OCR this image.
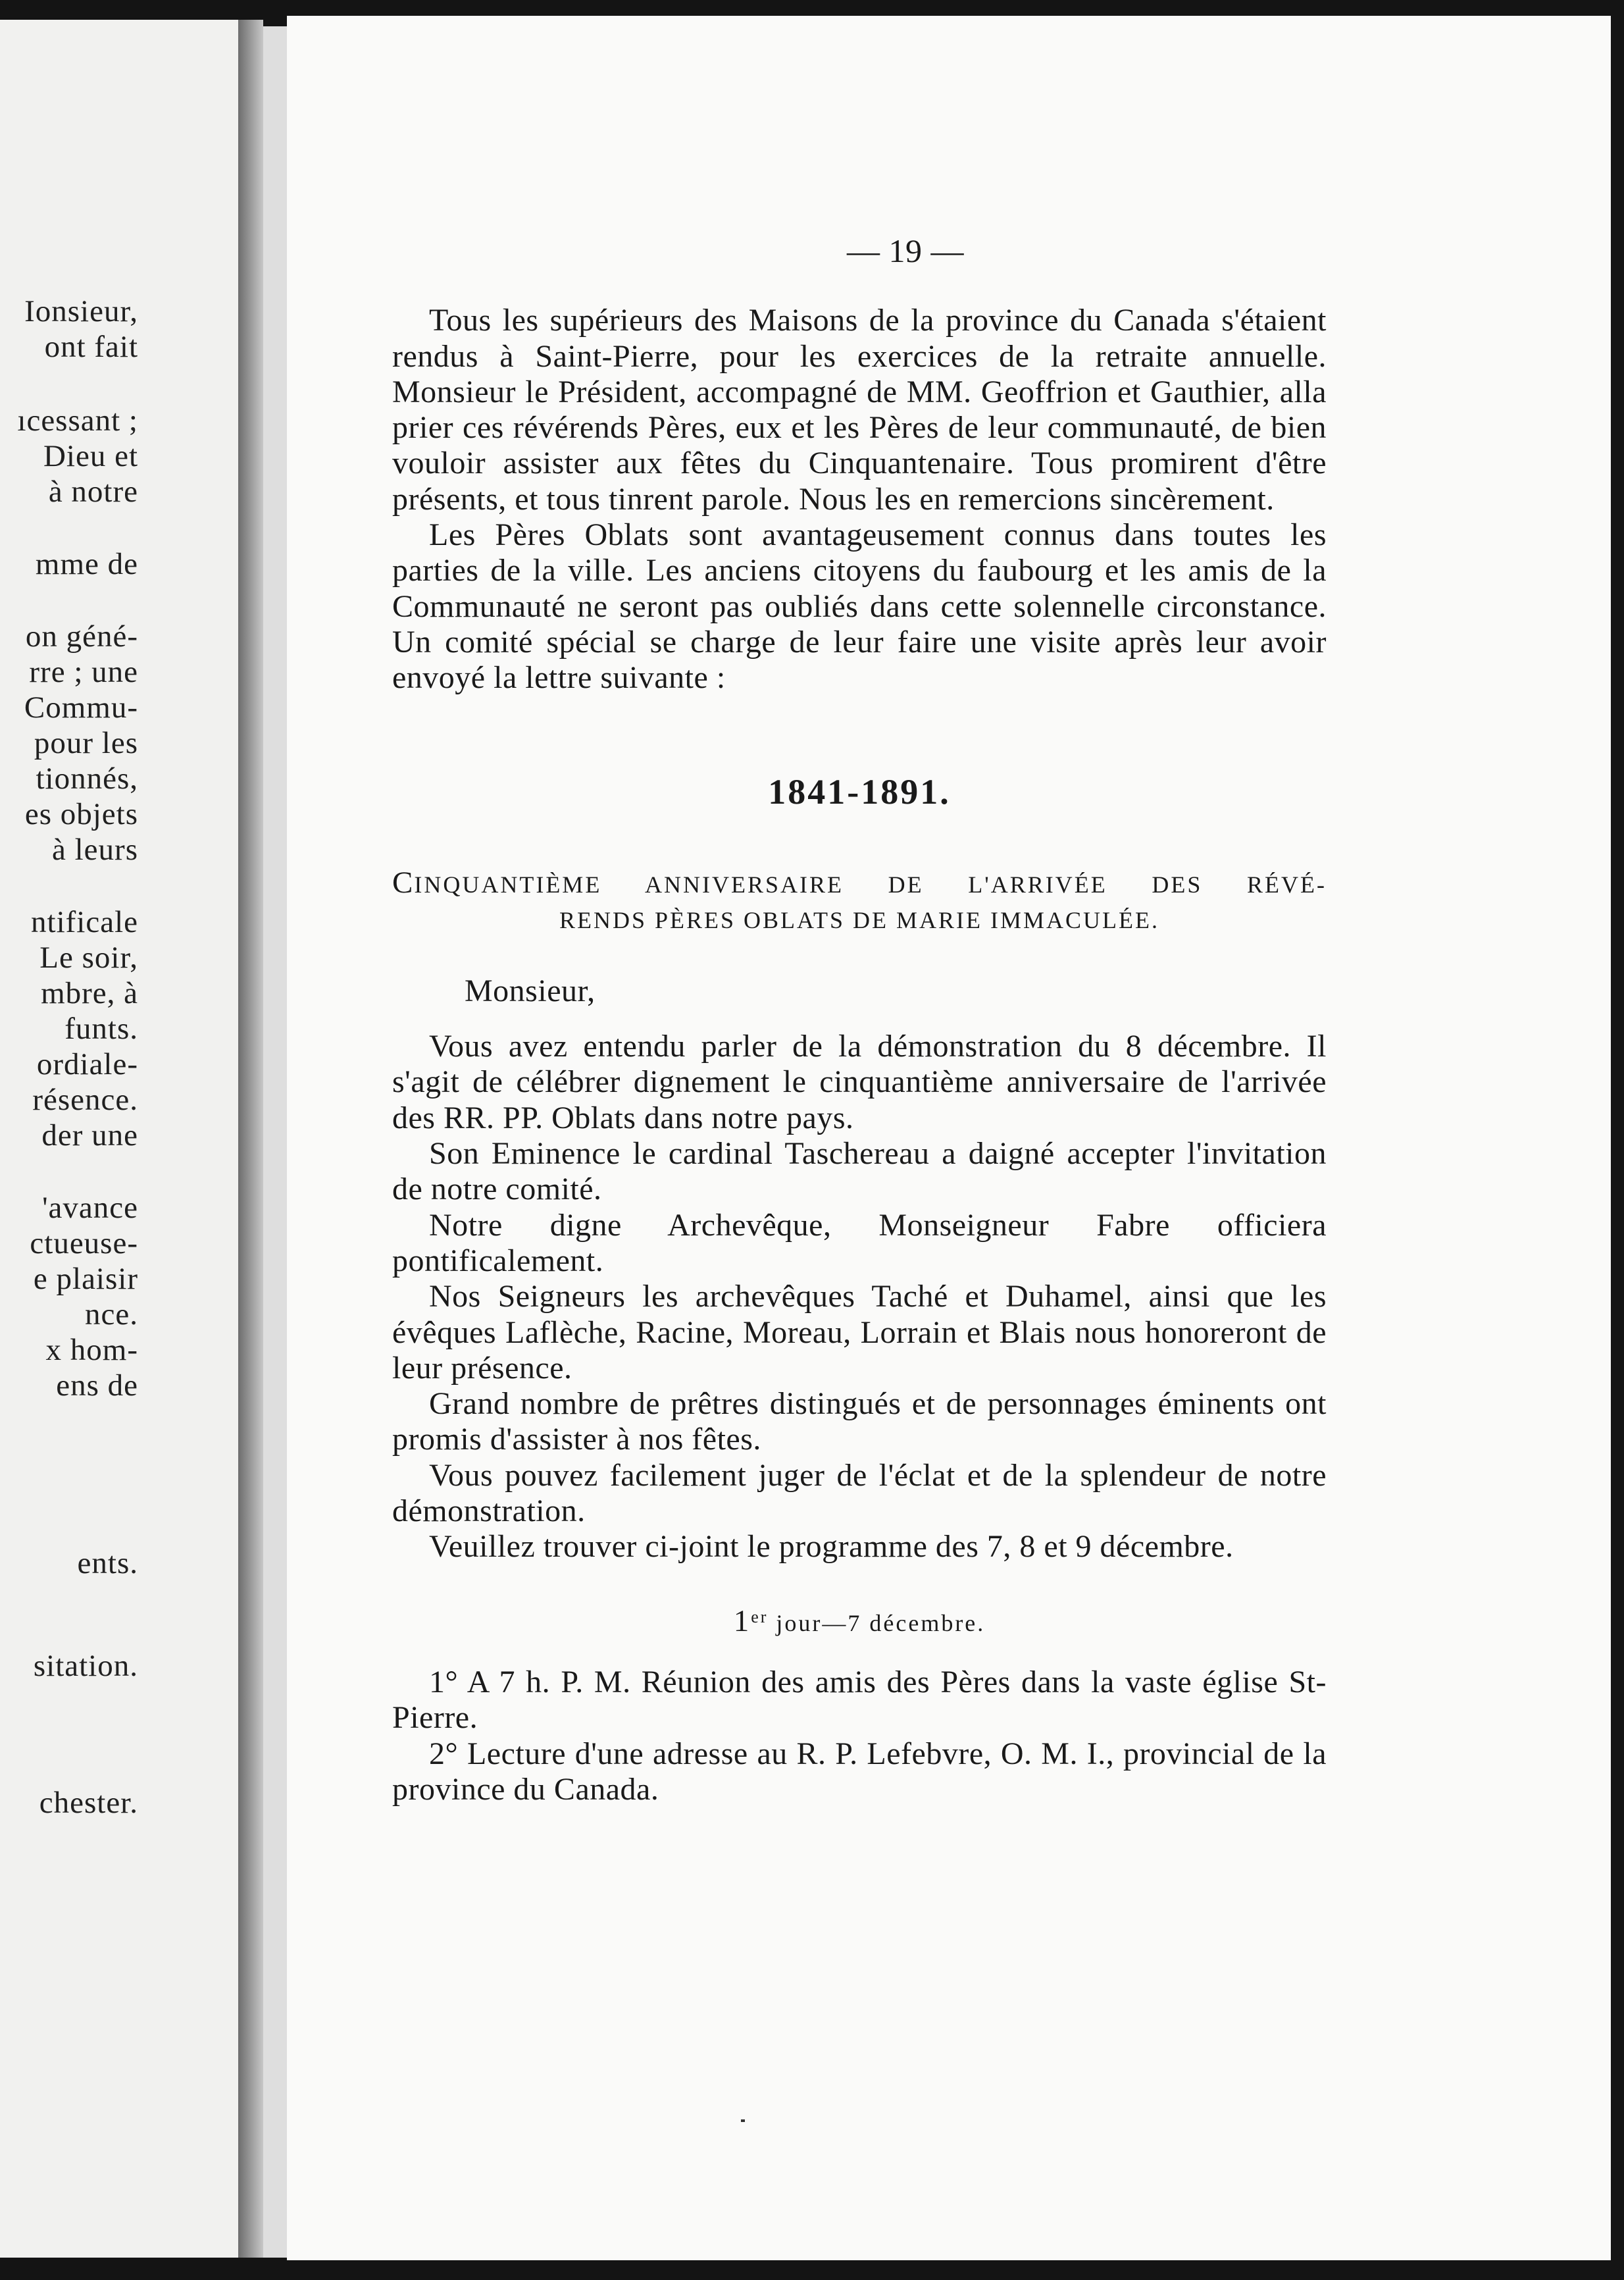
Ionsieur,
ont fait
ıcessant ;
Dieu et
à notre
mme de
on géné-
rre ; une
Commu-
pour les
tionnés,
es objets
à leurs
ntificale
Le soir,
mbre, à
funts.
ordiale-
résence.
der une
'avance
ctueuse-
e plaisir
nce.
x hom-
ens de
ents.
sitation.
chester.

— 19 —

Tous les supérieurs des Maisons de la province du Canada s'étaient rendus à Saint-Pierre, pour les exercices de la retraite annuelle. Monsieur le Président, accompagné de MM. Geoffrion et Gauthier, alla prier ces révérends Pères, eux et les Pères de leur communauté, de bien vouloir assister aux fêtes du Cinquantenaire. Tous promirent d'être présents, et tous tinrent parole. Nous les en remercions sincèrement.

Les Pères Oblats sont avantageusement connus dans toutes les parties de la ville. Les anciens citoyens du faubourg et les amis de la Communauté ne seront pas oubliés dans cette solennelle circonstance. Un comité spécial se charge de leur faire une visite après leur avoir envoyé la lettre suivante :

1841-1891.

CINQUANTIÈME ANNIVERSAIRE DE L'ARRIVÉE DES RÉVÉ-

RENDS PÈRES OBLATS DE MARIE IMMACULÉE.

Monsieur,

Vous avez entendu parler de la démonstration du 8 décembre. Il s'agit de célébrer dignement le cinquantième anniversaire de l'arrivée des RR. PP. Oblats dans notre pays.

Son Eminence le cardinal Taschereau a daigné accepter l'invitation de notre comité.

Notre digne Archevêque, Monseigneur Fabre officiera pontificalement.

Nos Seigneurs les archevêques Taché et Duhamel, ainsi que les évêques Laflèche, Racine, Moreau, Lorrain et Blais nous honoreront de leur présence.

Grand nombre de prêtres distingués et de personnages éminents ont promis d'assister à nos fêtes.

Vous pouvez facilement juger de l'éclat et de la splendeur de notre démonstration.

Veuillez trouver ci-joint le programme des 7, 8 et 9 décembre.

1er jour—7 décembre.

1° A 7 h. P. M. Réunion des amis des Pères dans la vaste église St-Pierre.

2° Lecture d'une adresse au R. P. Lefebvre, O. M. I., provincial de la province du Canada.
